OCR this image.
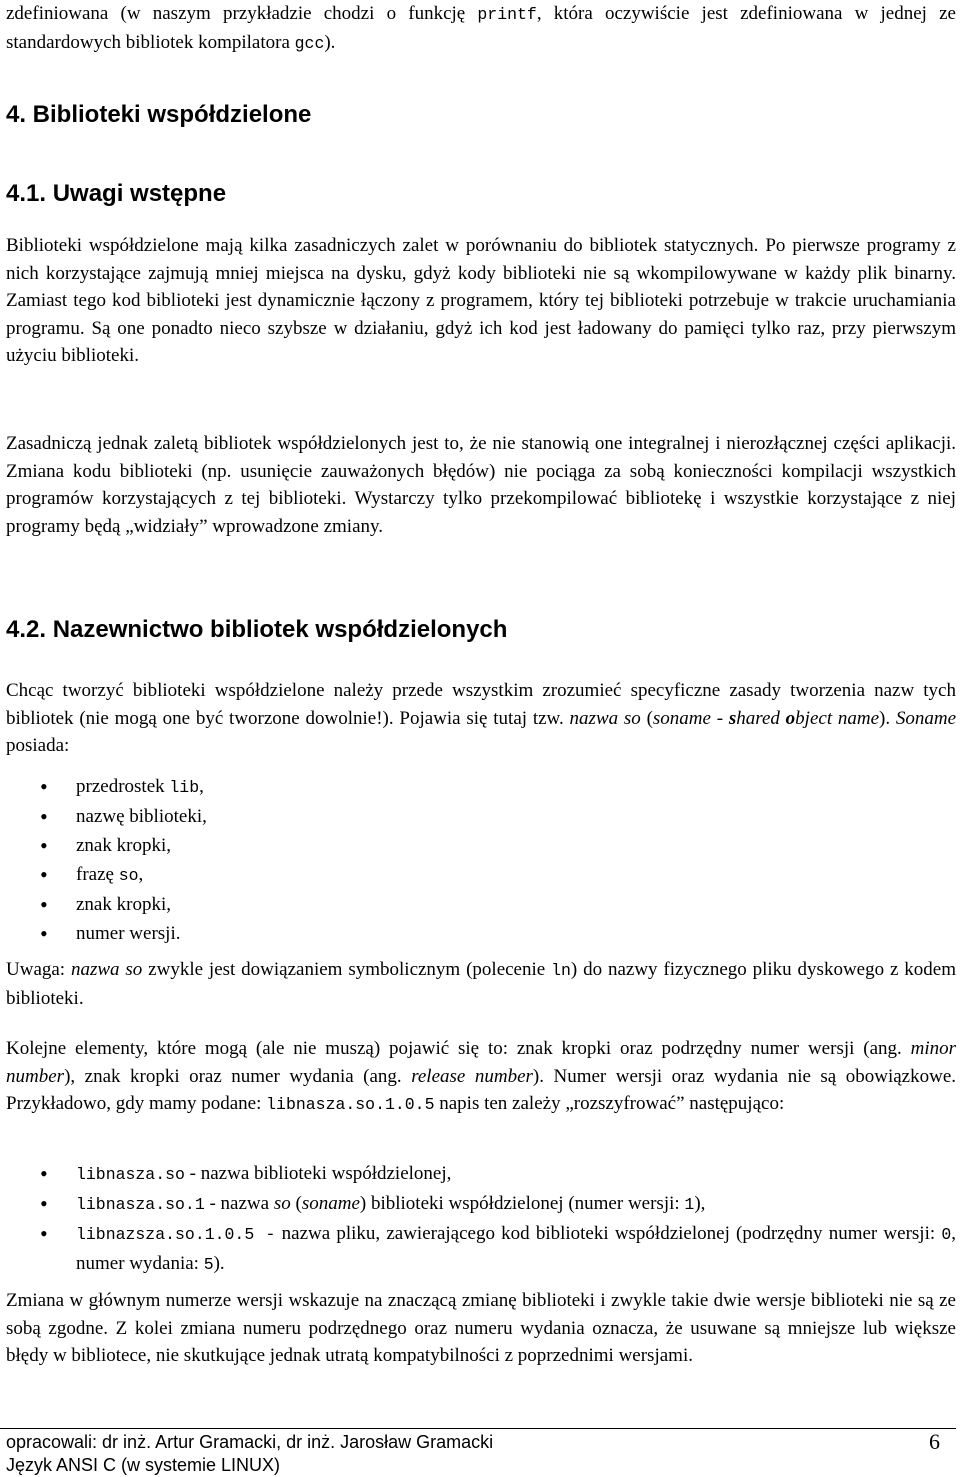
zdefiniowana (w naszym przykładzie chodzi o funkcję printf, która oczywiście jest zdefiniowana w jednej ze standardowych bibliotek kompilatora gcc).
4. Biblioteki współdzielone
4.1. Uwagi wstępne
Biblioteki współdzielone mają kilka zasadniczych zalet w porównaniu do bibliotek statycznych. Po pierwsze programy z nich korzystające zajmują mniej miejsca na dysku, gdyż kody biblioteki nie są wkompilowywane w każdy plik binarny. Zamiast tego kod biblioteki jest dynamicznie łączony z programem, który tej biblioteki potrzebuje w trakcie uruchamiania programu. Są one ponadto nieco szybsze w działaniu, gdyż ich kod jest ładowany do pamięci tylko raz, przy pierwszym użyciu biblioteki.
Zasadniczą jednak zaletą bibliotek współdzielonych jest to, że nie stanowią one integralnej i nierozłącznej części aplikacji. Zmiana kodu biblioteki (np. usunięcie zauważonych błędów) nie pociąga za sobą konieczności kompilacji wszystkich programów korzystających z tej biblioteki. Wystarczy tylko przekompilować bibliotekę i wszystkie korzystające z niej programy będą „widziały” wprowadzone zmiany.
4.2. Nazewnictwo bibliotek współdzielonych
Chcąc tworzyć biblioteki współdzielone należy przede wszystkim zrozumieć specyficzne zasady tworzenia nazw tych bibliotek (nie mogą one być tworzone dowolnie!). Pojawia się tutaj tzw. nazwa so (soname - shared object name). Soname posiada:
• przedrostek lib,
• nazwę biblioteki,
• znak kropki,
• frazę so,
• znak kropki,
• numer wersji.
Uwaga: nazwa so zwykle jest dowiązaniem symbolicznym (polecenie ln) do nazwy fizycznego pliku dyskowego z kodem biblioteki.
Kolejne elementy, które mogą (ale nie muszą) pojawić się to: znak kropki oraz podrzędny numer wersji (ang. minor number), znak kropki oraz numer wydania (ang. release number). Numer wersji oraz wydania nie są obowiązkowe. Przykładowo, gdy mamy podane: libnasza.so.1.0.5 napis ten zależy „rozszyfrować” następująco:
• libnasza.so - nazwa biblioteki współdzielonej,
• libnasza.so.1 - nazwa so (soname) biblioteki współdzielonej (numer wersji: 1),
• libnazsza.so.1.0.5 - nazwa pliku, zawierającego kod biblioteki współdzielonej (podrzędny numer wersji: 0, numer wydania: 5).
Zmiana w głównym numerze wersji wskazuje na znaczącą zmianę biblioteki i zwykle takie dwie wersje biblioteki nie są ze sobą zgodne. Z kolei zmiana numeru podrzędnego oraz numeru wydania oznacza, że usuwane są mniejsze lub większe błędy w bibliotece, nie skutkujące jednak utratą kompatybilności z poprzednimi wersjami.
opracowali: dr inż. Artur Gramacki, dr inż. Jarosław Gramacki
Język ANSI C (w systemie LINUX)
6
